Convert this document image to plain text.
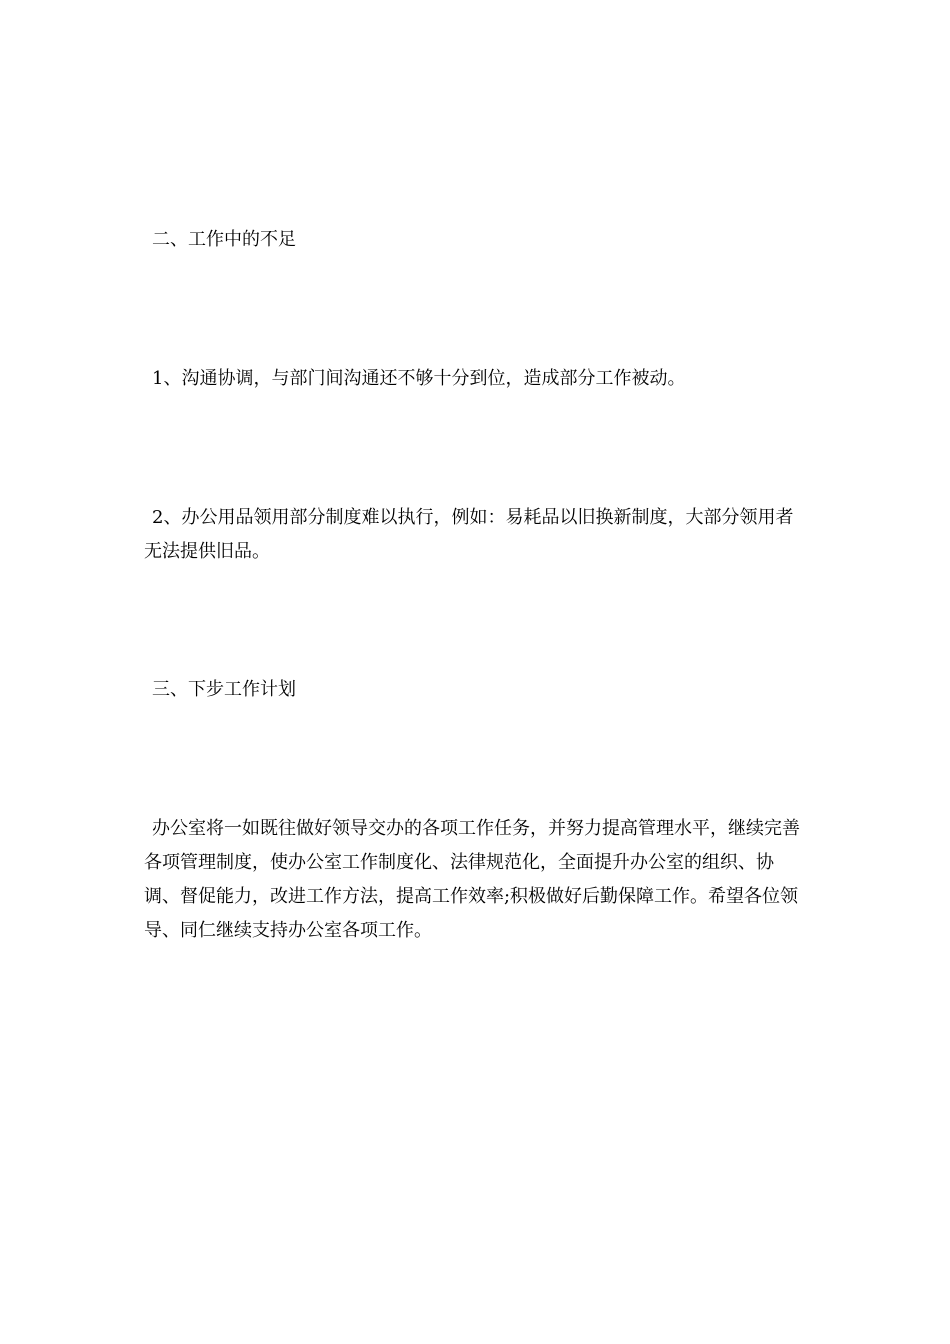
二、工作中的不足

1、沟通协调，与部门间沟通还不够十分到位，造成部分工作被动。

2、办公用品领用部分制度难以执行，例如：易耗品以旧换新制度，大部分领用者无法提供旧品。

三、下步工作计划

办公室将一如既往做好领导交办的各项工作任务，并努力提高管理水平，继续完善各项管理制度，使办公室工作制度化、法律规范化，全面提升办公室的组织、协调、督促能力，改进工作方法，提高工作效率;积极做好后勤保障工作。希望各位领导、同仁继续支持办公室各项工作。
